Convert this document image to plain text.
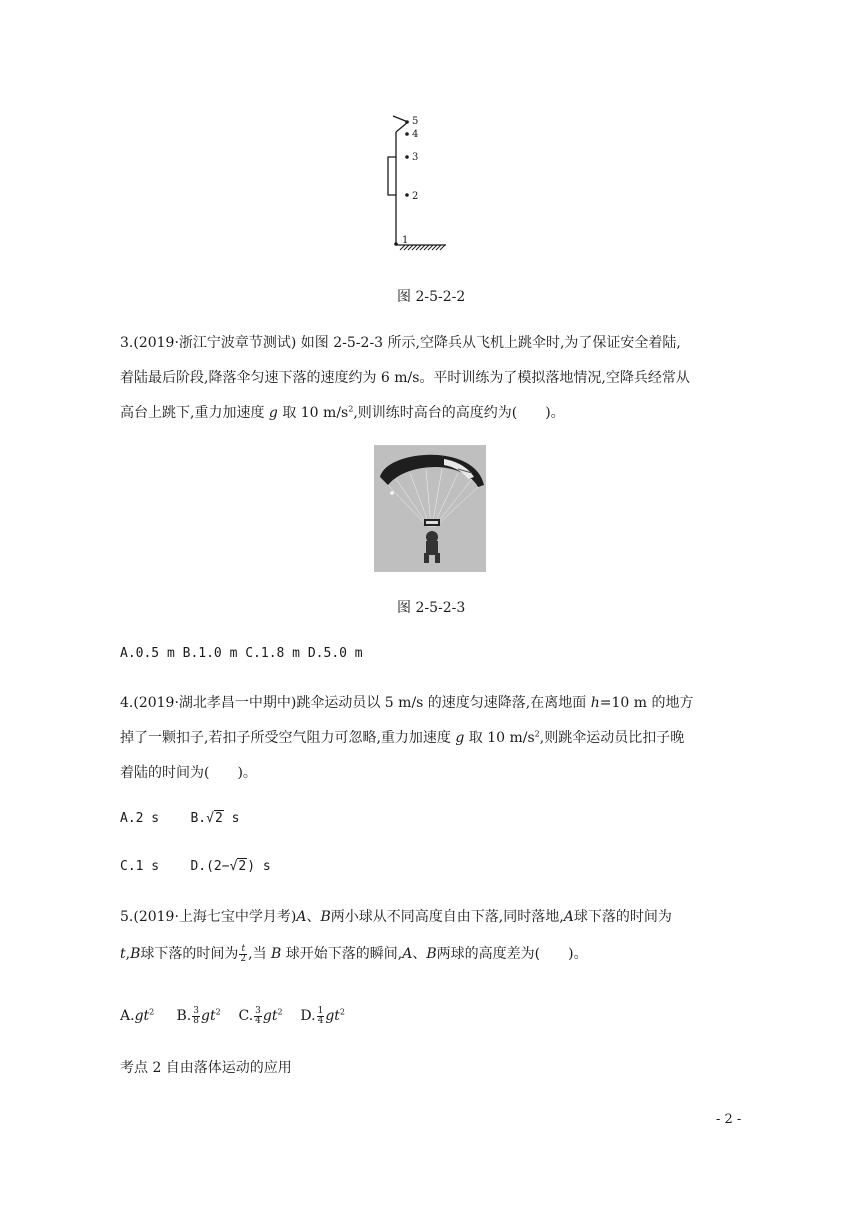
5
4
3
2
1
图 2-5-2-2
3.(2019·浙江宁波章节测试) 如图 2-5-2-3 所示,空降兵从飞机上跳伞时,为了保证安全着陆,
着陆最后阶段,降落伞匀速下落的速度约为 6 m/s。平时训练为了模拟落地情况,空降兵经常从
高台上跳下,重力加速度 g 取 10 $m/s^2$,则训练时高台的高度约为(　　)。
图 2-5-2-3
A.0.5 m B.1.0 m C.1.8 m D.5.0 m
4.(2019·湖北孝昌一中期中)跳伞运动员以 5 m/s 的速度匀速降落,在离地面 h=10 m 的地方
掉了一颗扣子,若扣子所受空气阻力可忽略,重力加速度 g 取 10 $m/s^2$,则跳伞运动员比扣子晚
着陆的时间为(　　)。
A.2 s B.√2 s
C.1 s D.(2−√2) s
5.(2019·上海七宝中学月考)A、B两小球从不同高度自由下落,同时落地,A球下落的时间为
t,B球下落的时间为 $\frac{t}{2}$ ,当 B 球开始下落的瞬间,A、B两球的高度差为(　　)。
$A.gt^2$ B. $\frac{3}{8} gt^2$ C. $\frac{3}{4} gt^2$ D. $\frac{1}{4} gt^2$
考点 2 自由落体运动的应用
- 2 -
